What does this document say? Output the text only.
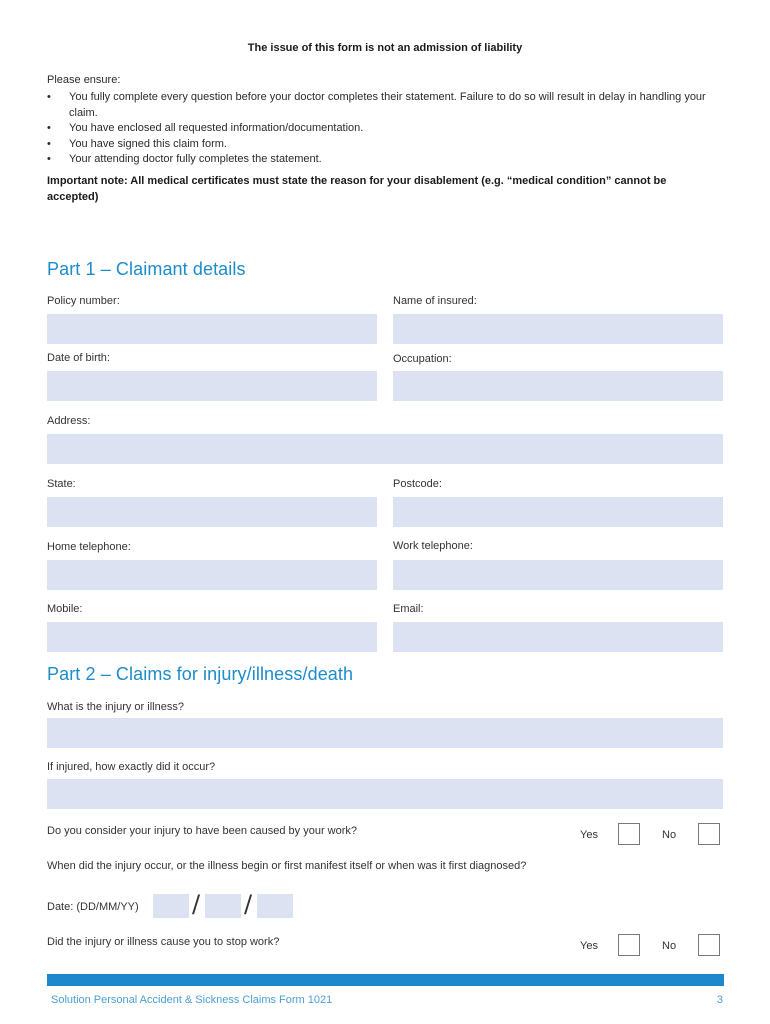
The issue of this form is not an admission of liability
Please ensure:
• You fully complete every question before your doctor completes their statement. Failure to do so will result in delay in handling your claim.
• You have enclosed all requested information/documentation.
• You have signed this claim form.
• Your attending doctor fully completes the statement.
Important note: All medical certificates must state the reason for your disablement (e.g. “medical condition” cannot be accepted)
Part 1 – Claimant details
Policy number:	Name of insured:
Date of birth:	Occupation:
Address:
State:	Postcode:
Home telephone:	Work telephone:
Mobile:	Email:
Part 2 – Claims for injury/illness/death
What is the injury or illness?
If injured, how exactly did it occur?
Do you consider your injury to have been caused by your work?	Yes	No
When did the injury occur, or the illness begin or first manifest itself or when was it first diagnosed?
Date: (DD/MM/YY) / /
Did the injury or illness cause you to stop work?	Yes	No
Solution Personal Accident & Sickness Claims Form 1021	3
